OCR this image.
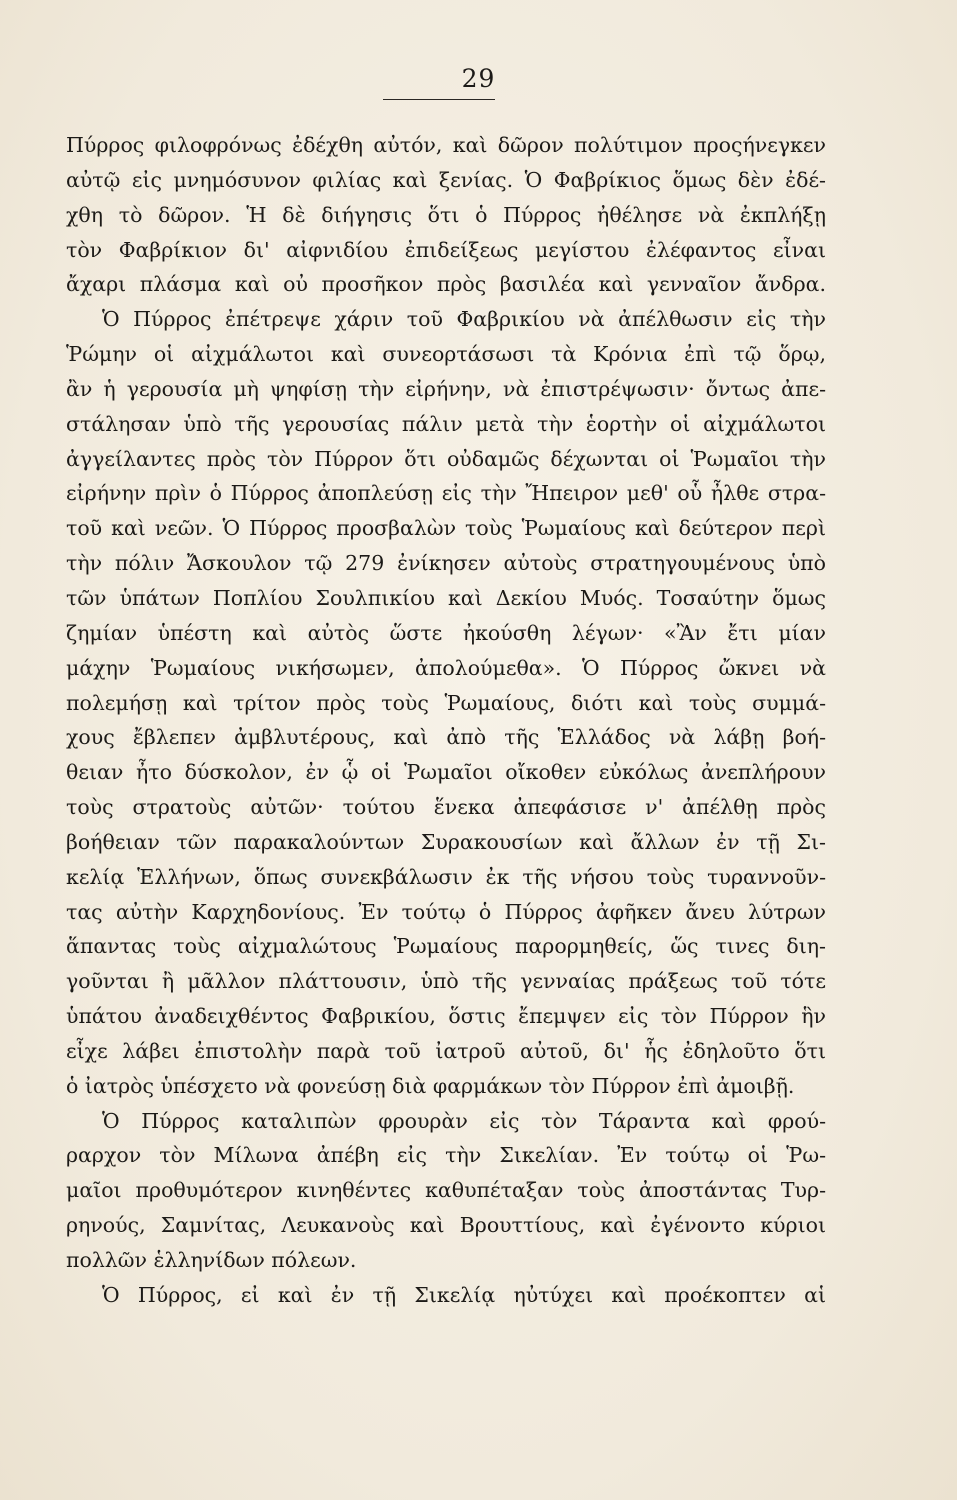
29
Πύρρος φιλοφρόνως ἐδέχθη αὐτόν, καὶ δῶρον πολύτιμον προςήνεγκεν
αὐτῷ εἰς μνημόσυνον φιλίας καὶ ξενίας. Ὁ Φαβρίκιος ὅμως δὲν ἐδέ-
χθη τὸ δῶρον. Ἡ δὲ διήγησις ὅτι ὁ Πύρρος ἠθέλησε νὰ ἐκπλήξῃ
τὸν Φαβρίκιον δι' αἰφνιδίου ἐπιδείξεως μεγίστου ἐλέφαντος εἶναι
ἄχαρι πλάσμα καὶ οὐ προσῆκον πρὸς βασιλέα καὶ γενναῖον ἄνδρα.
Ὁ Πύρρος ἐπέτρεψε χάριν τοῦ Φαβρικίου νὰ ἀπέλθωσιν εἰς τὴν
Ῥώμην οἱ αἰχμάλωτοι καὶ συνεορτάσωσι τὰ Κρόνια ἐπὶ τῷ ὅρῳ,
ἂν ἡ γερουσία μὴ ψηφίσῃ τὴν εἰρήνην, νὰ ἐπιστρέψωσιν· ὄντως ἀπε-
στάλησαν ὑπὸ τῆς γερουσίας πάλιν μετὰ τὴν ἑορτὴν οἱ αἰχμάλωτοι
ἀγγείλαντες πρὸς τὸν Πύρρον ὅτι οὐδαμῶς δέχωνται οἱ Ῥωμαῖοι τὴν
εἰρήνην πρὶν ὁ Πύρρος ἀποπλεύσῃ εἰς τὴν Ἤπειρον μεθ' οὗ ἦλθε στρα-
τοῦ καὶ νεῶν. Ὁ Πύρρος προσβαλὼν τοὺς Ῥωμαίους καὶ δεύτερον περὶ
τὴν πόλιν Ἄσκουλον τῷ 279 ἐνίκησεν αὐτοὺς στρατηγουμένους ὑπὸ
τῶν ὑπάτων Ποπλίου Σουλπικίου καὶ Δεκίου Μυός. Τοσαύτην ὅμως
ζημίαν ὑπέστη καὶ αὐτὸς ὥστε ἠκούσθη λέγων· «Ἂν ἔτι μίαν
μάχην Ῥωμαίους νικήσωμεν, ἀπολούμεθα». Ὁ Πύρρος ὤκνει νὰ
πολεμήσῃ καὶ τρίτον πρὸς τοὺς Ῥωμαίους, διότι καὶ τοὺς συμμά-
χους ἔβλεπεν ἀμβλυτέρους, καὶ ἀπὸ τῆς Ἑλλάδος νὰ λάβῃ βοή-
θειαν ἦτο δύσκολον, ἐν ᾧ οἱ Ῥωμαῖοι οἴκοθεν εὐκόλως ἀνεπλήρουν
τοὺς στρατοὺς αὐτῶν· τούτου ἕνεκα ἀπεφάσισε ν' ἀπέλθῃ πρὸς
βοήθειαν τῶν παρακαλούντων Συρακουσίων καὶ ἄλλων ἐν τῇ Σι-
κελίᾳ Ἑλλήνων, ὅπως συνεκβάλωσιν ἐκ τῆς νήσου τοὺς τυραννοῦν-
τας αὐτὴν Καρχηδονίους. Ἐν τούτῳ ὁ Πύρρος ἀφῆκεν ἄνευ λύτρων
ἅπαντας τοὺς αἰχμαλώτους Ῥωμαίους παρορμηθείς, ὥς τινες διη-
γοῦνται ἢ μᾶλλον πλάττουσιν, ὑπὸ τῆς γενναίας πράξεως τοῦ τότε
ὑπάτου ἀναδειχθέντος Φαβρικίου, ὅστις ἔπεμψεν εἰς τὸν Πύρρον ἣν
εἶχε λάβει ἐπιστολὴν παρὰ τοῦ ἰατροῦ αὐτοῦ, δι' ἧς ἐδηλοῦτο ὅτι
ὁ ἰατρὸς ὑπέσχετο νὰ φονεύσῃ διὰ φαρμάκων τὸν Πύρρον ἐπὶ ἀμοιβῇ.
Ὁ Πύρρος καταλιπὼν φρουρὰν εἰς τὸν Τάραντα καὶ φρού-
ραρχον τὸν Μίλωνα ἀπέβη εἰς τὴν Σικελίαν. Ἐν τούτῳ οἱ Ῥω-
μαῖοι προθυμότερον κινηθέντες καθυπέταξαν τοὺς ἀποστάντας Τυρ-
ρηνούς, Σαμνίτας, Λευκανοὺς καὶ Βρουττίους, καὶ ἐγένοντο κύριοι
πολλῶν ἑλληνίδων πόλεων.
Ὁ Πύρρος, εἰ καὶ ἐν τῇ Σικελίᾳ ηὐτύχει καὶ προέκοπτεν αἱ
